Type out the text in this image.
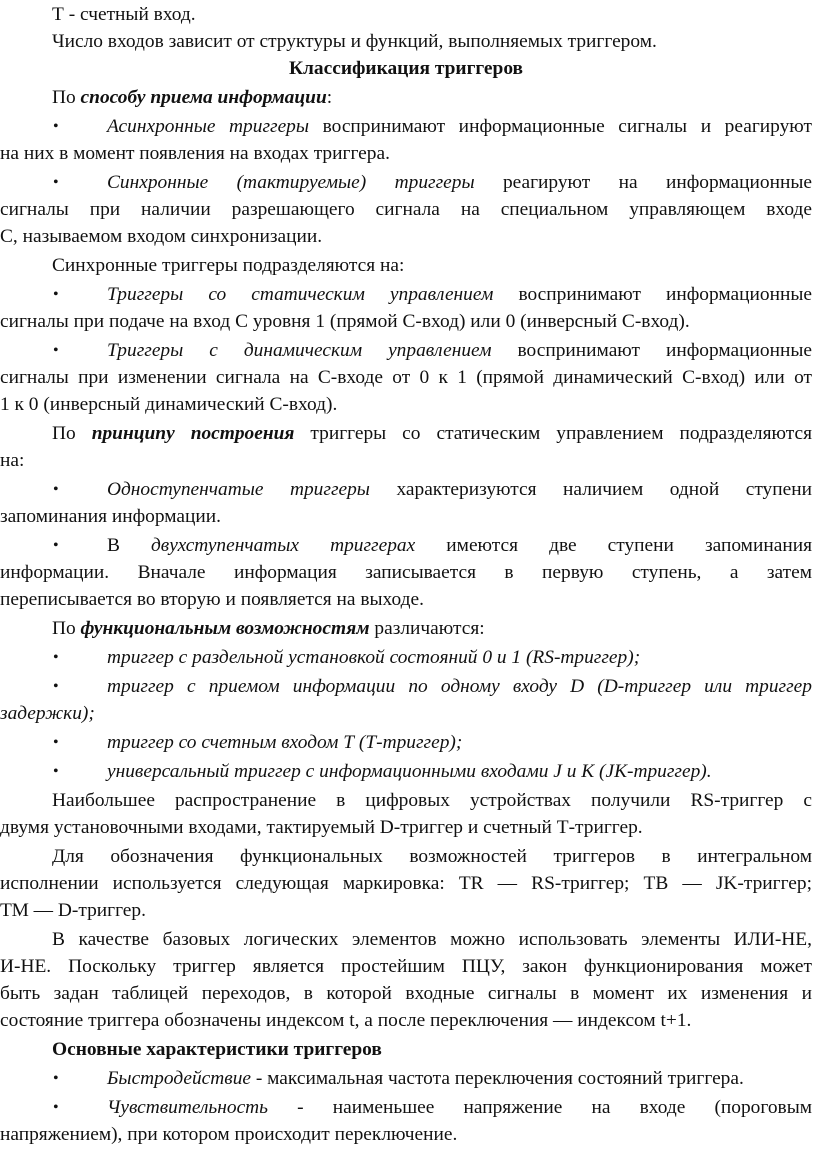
Т - счетный вход.
Число входов зависит от структуры и функций, выполняемых триггером.
Классификация триггеров
По способу приема информации:
• Асинхронные триггеры воспринимают информационные сигналы и реагируют
на них в момент появления на входах триггера.
• Синхронные (тактируемые) триггеры реагируют на информационные
сигналы при наличии разрешающего сигнала на специальном управляющем входе
С, называемом входом синхронизации.
Синхронные триггеры подразделяются на:
• Триггеры со статическим управлением воспринимают информационные
сигналы при подаче на вход С уровня 1 (прямой С-вход) или 0 (инверсный С-вход).
• Триггеры с динамическим управлением воспринимают информационные
сигналы при изменении сигнала на С-входе от 0 к 1 (прямой динамический С-вход) или от
1 к 0 (инверсный динамический С-вход).
По принципу построения триггеры со статическим управлением подразделяются
на:
• Одноступенчатые триггеры характеризуются наличием одной ступени
запоминания информации.
• В двухступенчатых триггерах имеются две ступени запоминания
информации. Вначале информация записывается в первую ступень, а затем
переписывается во вторую и появляется на выходе.
По функциональным возможностям различаются:
• триггер с раздельной установкой состояний 0 и 1 (RS-триггер);
• триггер с приемом информации по одному входу D (D-триггер или триггер
задержки);
• триггер со счетным входом Т (Т-триггер);
• универсальный триггер с информационными входами J и K (JK-триггер).
Наибольшее распространение в цифровых устройствах получили RS-триггер с
двумя установочными входами, тактируемый D-триггер и счетный Т-триггер.
Для обозначения функциональных возможностей триггеров в интегральном
исполнении используется следующая маркировка: TR — RS-триггер; ТВ — JK-триггер;
ТМ — D-триггер.
В качестве базовых логических элементов можно использовать элементы ИЛИ-НЕ,
И-НЕ. Поскольку триггер является простейшим ПЦУ, закон функционирования может
быть задан таблицей переходов, в которой входные сигналы в момент их изменения и
состояние триггера обозначены индексом t, а после переключения — индексом t+1.
Основные характеристики триггеров
• Быстродействие - максимальная частота переключения состояний триггера.
• Чувствительность - наименьшее напряжение на входе (пороговым
напряжением), при котором происходит переключение.
